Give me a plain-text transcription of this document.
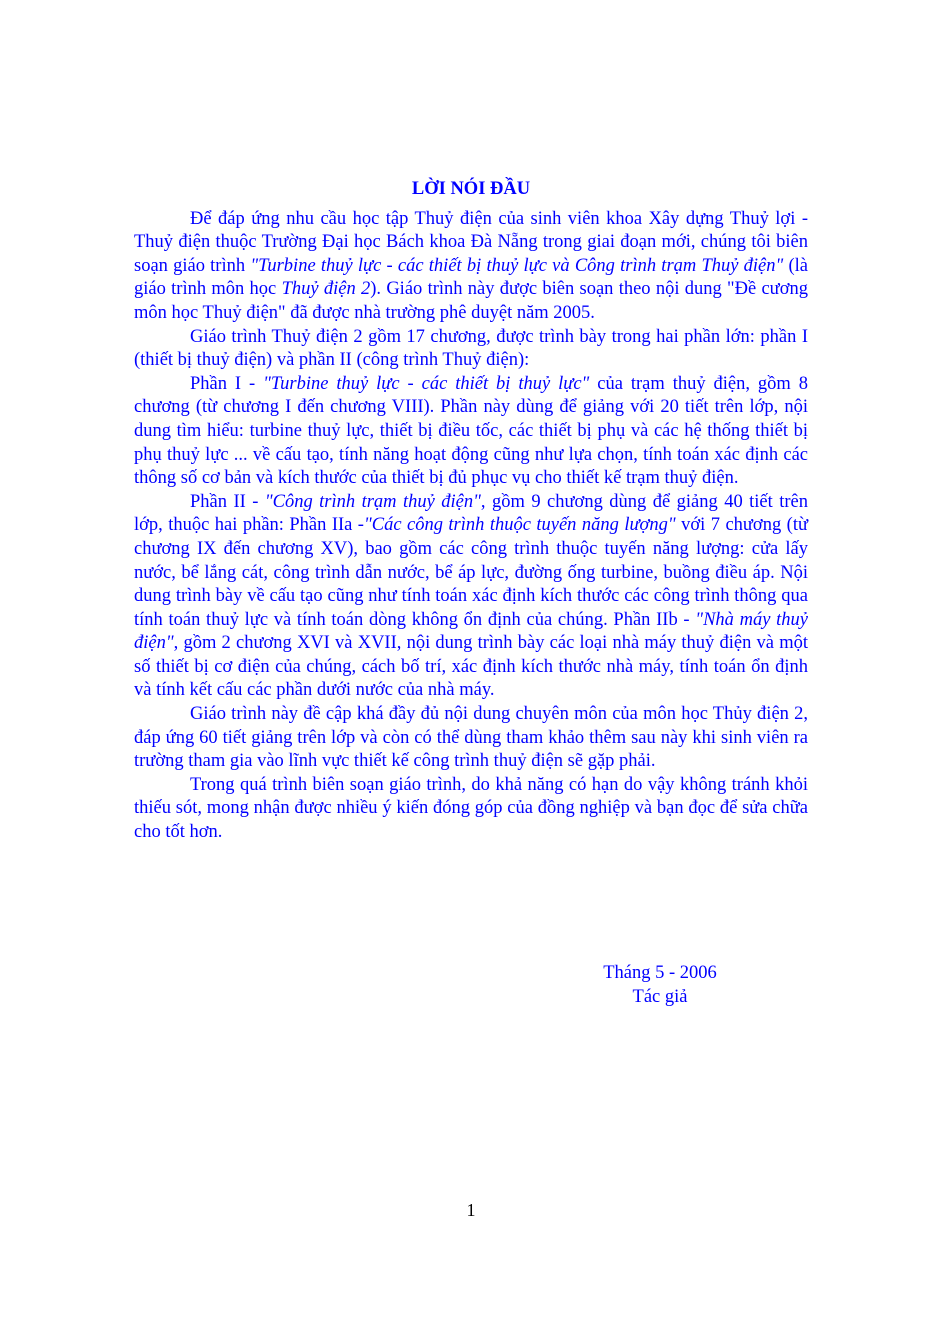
LỜI NÓI ĐẦU

Để đáp ứng nhu cầu học tập Thuỷ điện của sinh viên khoa Xây dựng Thuỷ lợi - Thuỷ điện thuộc Trường Đại học Bách khoa Đà Nẵng trong giai đoạn mới, chúng tôi biên soạn giáo trình "Turbine thuỷ lực - các thiết bị thuỷ lực và Công trình trạm Thuỷ điện" (là giáo trình môn học Thuỷ điện 2). Giáo trình này được biên soạn theo nội dung "Đề cương môn học Thuỷ điện" đã được nhà trường phê duyệt năm 2005.

Giáo trình Thuỷ điện 2 gồm 17 chương, được trình bày trong hai phần lớn: phần I (thiết bị thuỷ điện) và phần II (công trình Thuỷ điện):

Phần I - "Turbine thuỷ lực - các thiết bị thuỷ lực" của trạm thuỷ điện, gồm 8 chương (từ chương I đến chương VIII). Phần này dùng để giảng với 20 tiết trên lớp, nội dung tìm hiểu: turbine thuỷ lực, thiết bị điều tốc, các thiết bị phụ và các hệ thống thiết bị phụ thuỷ lực ... về cấu tạo, tính năng hoạt động cũng như lựa chọn, tính toán xác định các thông số cơ bản và kích thước của thiết bị đủ phục vụ cho thiết kế trạm thuỷ điện.

Phần II - "Công trình trạm thuỷ điện", gồm 9 chương dùng để giảng 40 tiết trên lớp, thuộc hai phần: Phần IIa -"Các công trình thuộc tuyến năng lượng" với 7 chương (từ chương IX đến chương XV), bao gồm các công trình thuộc tuyến năng lượng: cửa lấy nước, bể lắng cát, công trình dẫn nước, bể áp lực, đường ống turbine, buồng điều áp. Nội dung trình bày về cấu tạo cũng như tính toán xác định kích thước các công trình thông qua tính toán thuỷ lực và tính toán dòng không ổn định của chúng. Phần IIb - "Nhà máy thuỷ điện", gồm 2 chương XVI và XVII, nội dung trình bày các loại nhà máy thuỷ điện và một số thiết bị cơ điện của chúng, cách bố trí, xác định kích thước nhà máy, tính toán ổn định và tính kết cấu các phần dưới nước của nhà máy.

Giáo trình này đề cập khá đầy đủ nội dung chuyên môn của môn học Thủy điện 2, đáp ứng 60 tiết giảng trên lớp và còn có thể dùng tham khảo thêm sau này khi sinh viên ra trường tham gia vào lĩnh vực thiết kế công trình thuỷ điện sẽ gặp phải.

Trong quá trình biên soạn giáo trình, do khả năng có hạn do vậy không tránh khỏi thiếu sót, mong nhận được nhiều ý kiến đóng góp của đồng nghiệp và bạn đọc để sửa chữa cho tốt hơn.

Tháng 5 - 2006
Tác giả
1
